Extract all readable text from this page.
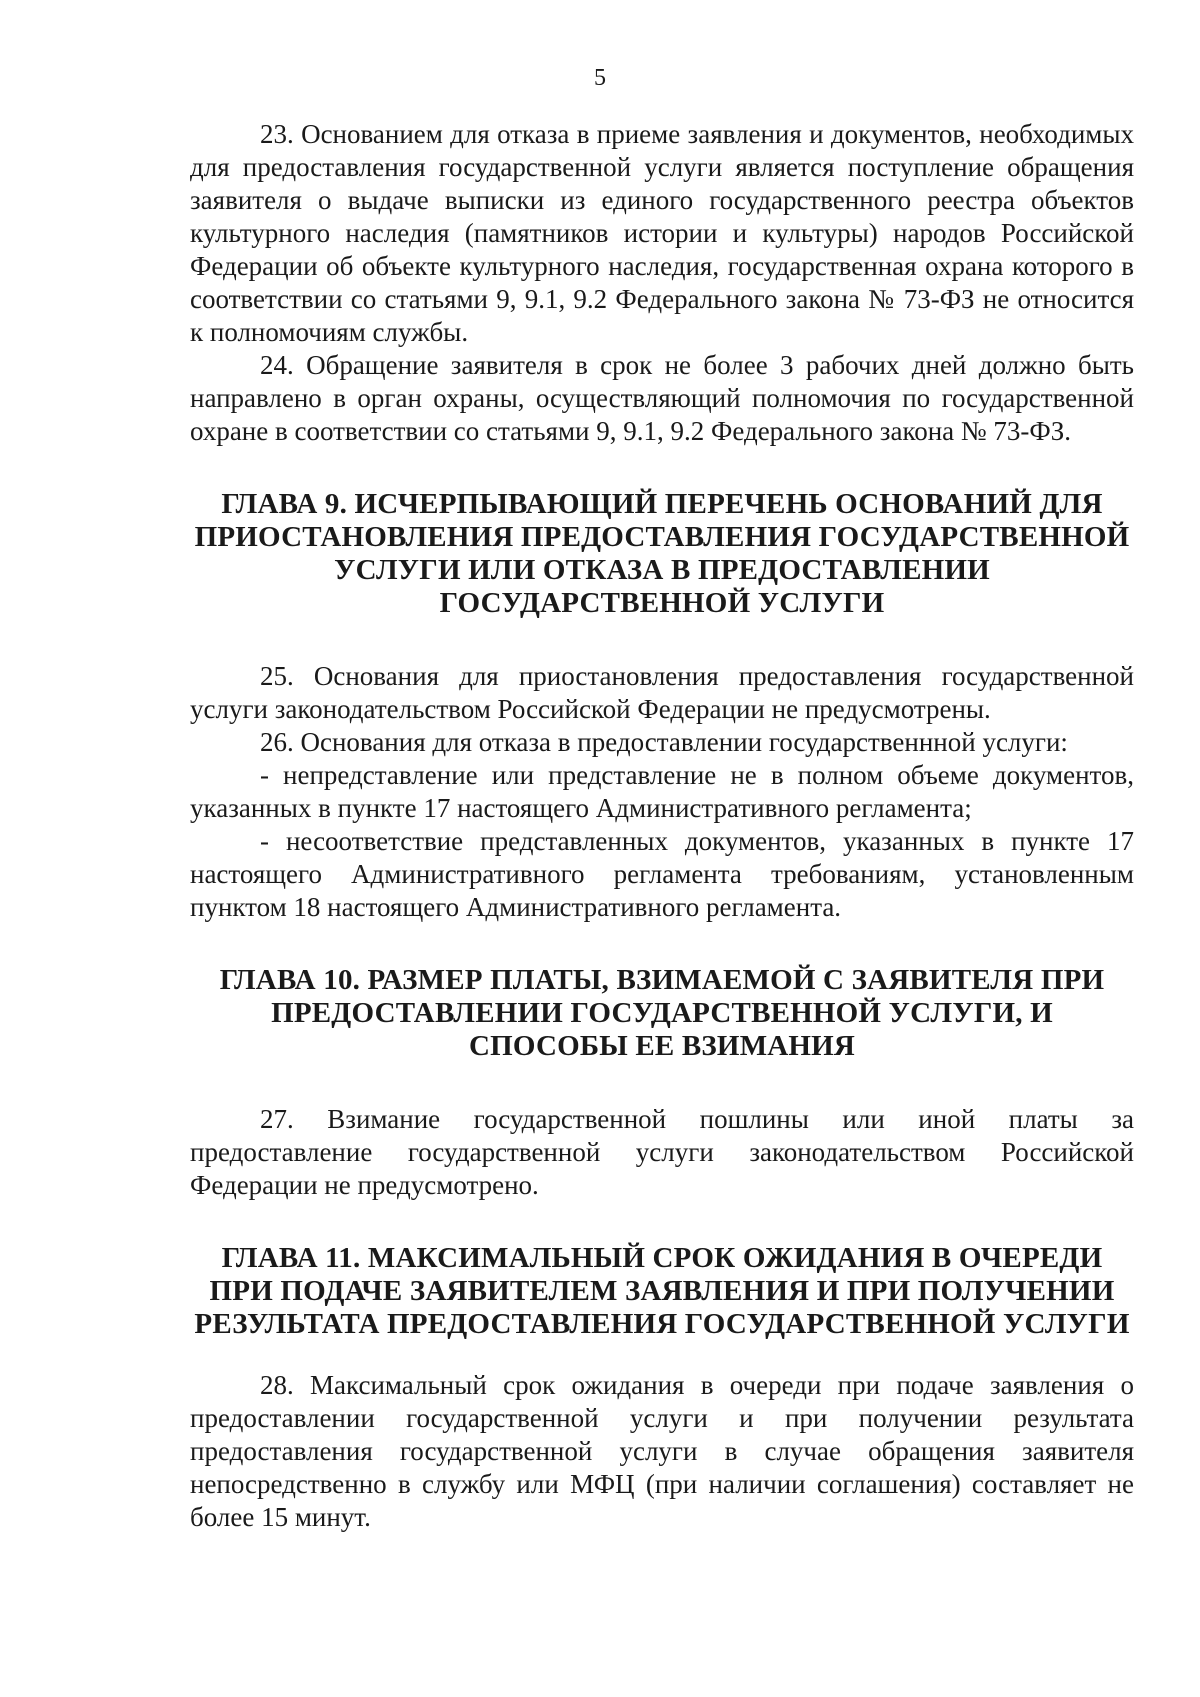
5

23. Основанием для отказа в приеме заявления и документов, необходимых для предоставления государственной услуги является поступление обращения заявителя о выдаче выписки из единого государственного реестра объектов культурного наследия (памятников истории и культуры) народов Российской Федерации об объекте культурного наследия, государственная охрана которого в соответствии со статьями 9, 9.1, 9.2 Федерального закона № 73-ФЗ не относится к полномочиям службы.

24. Обращение заявителя в срок не более 3 рабочих дней должно быть направлено в орган охраны, осуществляющий полномочия по государственной охране в соответствии со статьями 9, 9.1, 9.2 Федерального закона № 73-ФЗ.

ГЛАВА 9. ИСЧЕРПЫВАЮЩИЙ ПЕРЕЧЕНЬ ОСНОВАНИЙ ДЛЯ ПРИОСТАНОВЛЕНИЯ ПРЕДОСТАВЛЕНИЯ ГОСУДАРСТВЕННОЙ УСЛУГИ ИЛИ ОТКАЗА В ПРЕДОСТАВЛЕНИИ ГОСУДАРСТВЕННОЙ УСЛУГИ

25. Основания для приостановления предоставления государственной услуги законодательством Российской Федерации не предусмотрены.

26. Основания для отказа в предоставлении государственнной услуги:

- непредставление или представление не в полном объеме документов, указанных в пункте 17 настоящего Административного регламента;

- несоответствие представленных документов, указанных в пункте 17 настоящего Административного регламента требованиям, установленным пунктом 18 настоящего Административного регламента.

ГЛАВА 10. РАЗМЕР ПЛАТЫ, ВЗИМАЕМОЙ С ЗАЯВИТЕЛЯ ПРИ ПРЕДОСТАВЛЕНИИ ГОСУДАРСТВЕННОЙ УСЛУГИ, И СПОСОБЫ ЕЕ ВЗИМАНИЯ

27. Взимание государственной пошлины или иной платы за предоставление государственной услуги законодательством Российской Федерации не предусмотрено.

ГЛАВА 11. МАКСИМАЛЬНЫЙ СРОК ОЖИДАНИЯ В ОЧЕРЕДИ ПРИ ПОДАЧЕ ЗАЯВИТЕЛЕМ ЗАЯВЛЕНИЯ И ПРИ ПОЛУЧЕНИИ РЕЗУЛЬТАТА ПРЕДОСТАВЛЕНИЯ ГОСУДАРСТВЕННОЙ УСЛУГИ

28. Максимальный срок ожидания в очереди при подаче заявления о предоставлении государственной услуги и при получении результата предоставления государственной услуги в случае обращения заявителя непосредственно в службу или МФЦ (при наличии соглашения) составляет не более 15 минут.
